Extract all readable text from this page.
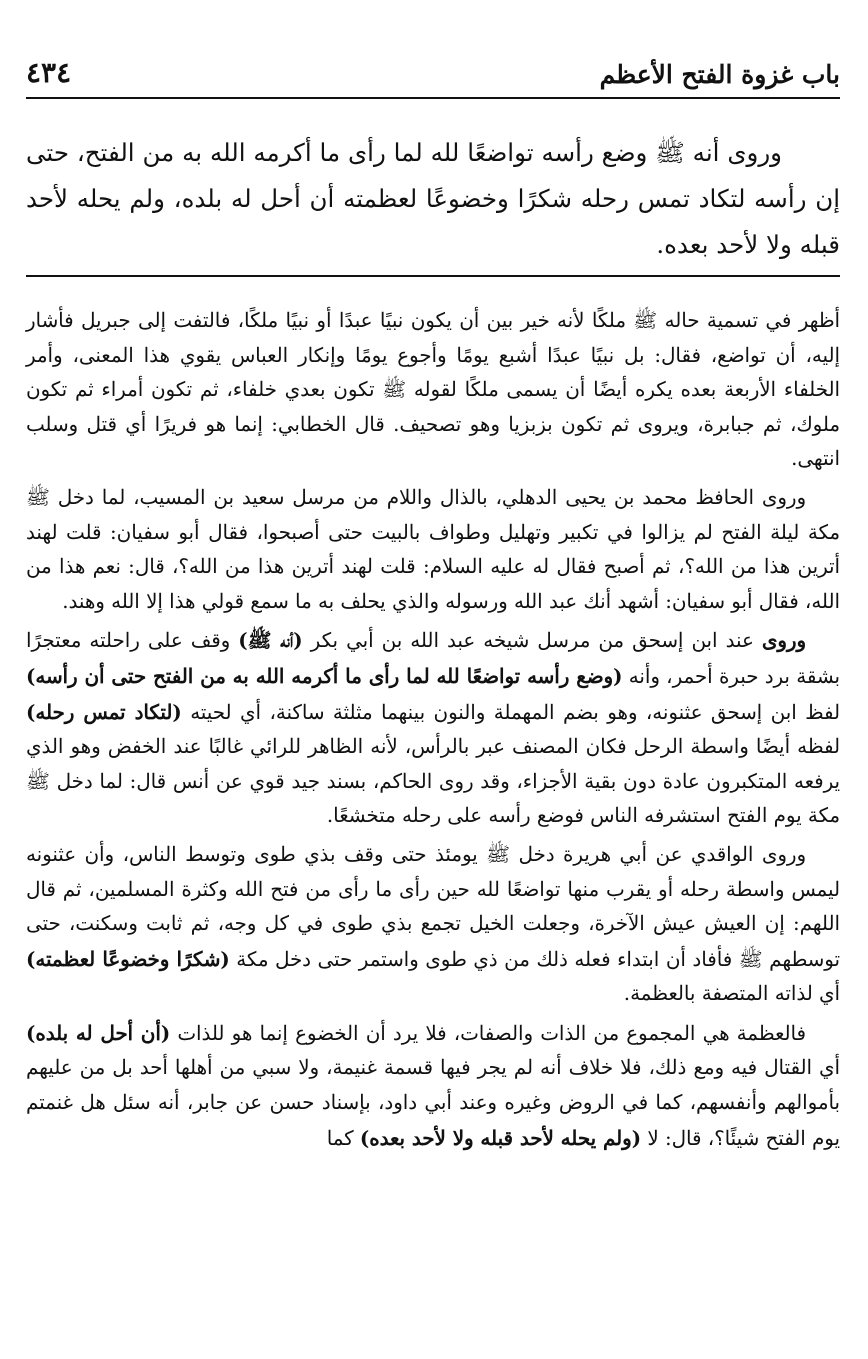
باب غزوة الفتح الأعظم
٤٣٤

وروى أنه ﷺ وضع رأسه تواضعًا لله لما رأى ما أكرمه الله به من الفتح، حتى إن رأسه لتكاد تمس رحله شكرًا وخضوعًا لعظمته أن أحل له بلده، ولم يحله لأحد قبله ولا لأحد بعده.

أظهر في تسمية حاله ﷺ ملكًا لأنه خير بين أن يكون نبيًا عبدًا أو نبيًا ملكًا، فالتفت إلى جبريل فأشار إليه، أن تواضع، فقال: بل نبيًا عبدًا أشبع يومًا وأجوع يومًا وإنكار العباس يقوي هذا المعنى، وأمر الخلفاء الأربعة بعده يكره أيضًا أن يسمى ملكًا لقوله ﷺ تكون بعدي خلفاء، ثم تكون أمراء ثم تكون ملوك، ثم جبابرة، ويروى ثم تكون بزبزيا وهو تصحيف. قال الخطابي: إنما هو فريرًا أي قتل وسلب انتهى.

وروى الحافظ محمد بن يحيى الدهلي، بالذال واللام من مرسل سعيد بن المسيب، لما دخل ﷺ مكة ليلة الفتح لم يزالوا في تكبير وتهليل وطواف بالبيت حتى أصبحوا، فقال أبو سفيان: قلت لهند أترين هذا من الله؟، ثم أصبح فقال له عليه السلام: قلت لهند أترين هذا من الله؟، قال: نعم هذا من الله، فقال أبو سفيان: أشهد أنك عبد الله ورسوله والذي يحلف به ما سمع قولي هذا إلا الله وهند.

وروى عند ابن إسحق من مرسل شيخه عبد الله بن أبي بكر (أنه ﷺ) وقف على راحلته معتجرًا بشقة برد حبرة أحمر، وأنه (وضع رأسه تواضعًا لله لما رأى ما أكرمه الله به من الفتح حتى أن رأسه) لفظ ابن إسحق عثنونه، وهو بضم المهملة والنون بينهما مثلثة ساكنة، أي لحيته (لتكاد تمس رحله) لفظه أيضًا واسطة الرحل فكان المصنف عبر بالرأس، لأنه الظاهر للرائي غالبًا عند الخفض وهو الذي يرفعه المتكبرون عادة دون بقية الأجزاء، وقد روى الحاكم، بسند جيد قوي عن أنس قال: لما دخل ﷺ مكة يوم الفتح استشرفه الناس فوضع رأسه على رحله متخشعًا.

وروى الواقدي عن أبي هريرة دخل ﷺ يومئذ حتى وقف بذي طوى وتوسط الناس، وأن عثنونه ليمس واسطة رحله أو يقرب منها تواضعًا لله حين رأى ما رأى من فتح الله وكثرة المسلمين، ثم قال اللهم: إن العيش عيش الآخرة، وجعلت الخيل تجمع بذي طوى في كل وجه، ثم ثابت وسكنت، حتى توسطهم ﷺ فأفاد أن ابتداء فعله ذلك من ذي طوى واستمر حتى دخل مكة (شكرًا وخضوعًا لعظمته) أي لذاته المتصفة بالعظمة.

فالعظمة هي المجموع من الذات والصفات، فلا يرد أن الخضوع إنما هو للذات (أن أحل له بلده) أي القتال فيه ومع ذلك، فلا خلاف أنه لم يجر فيها قسمة غنيمة، ولا سبي من أهلها أحد بل من عليهم بأموالهم وأنفسهم، كما في الروض وغيره وعند أبي داود، بإسناد حسن عن جابر، أنه سئل هل غنمتم يوم الفتح شيئًا؟، قال: لا (ولم يحله لأحد قبله ولا لأحد بعده) كما
